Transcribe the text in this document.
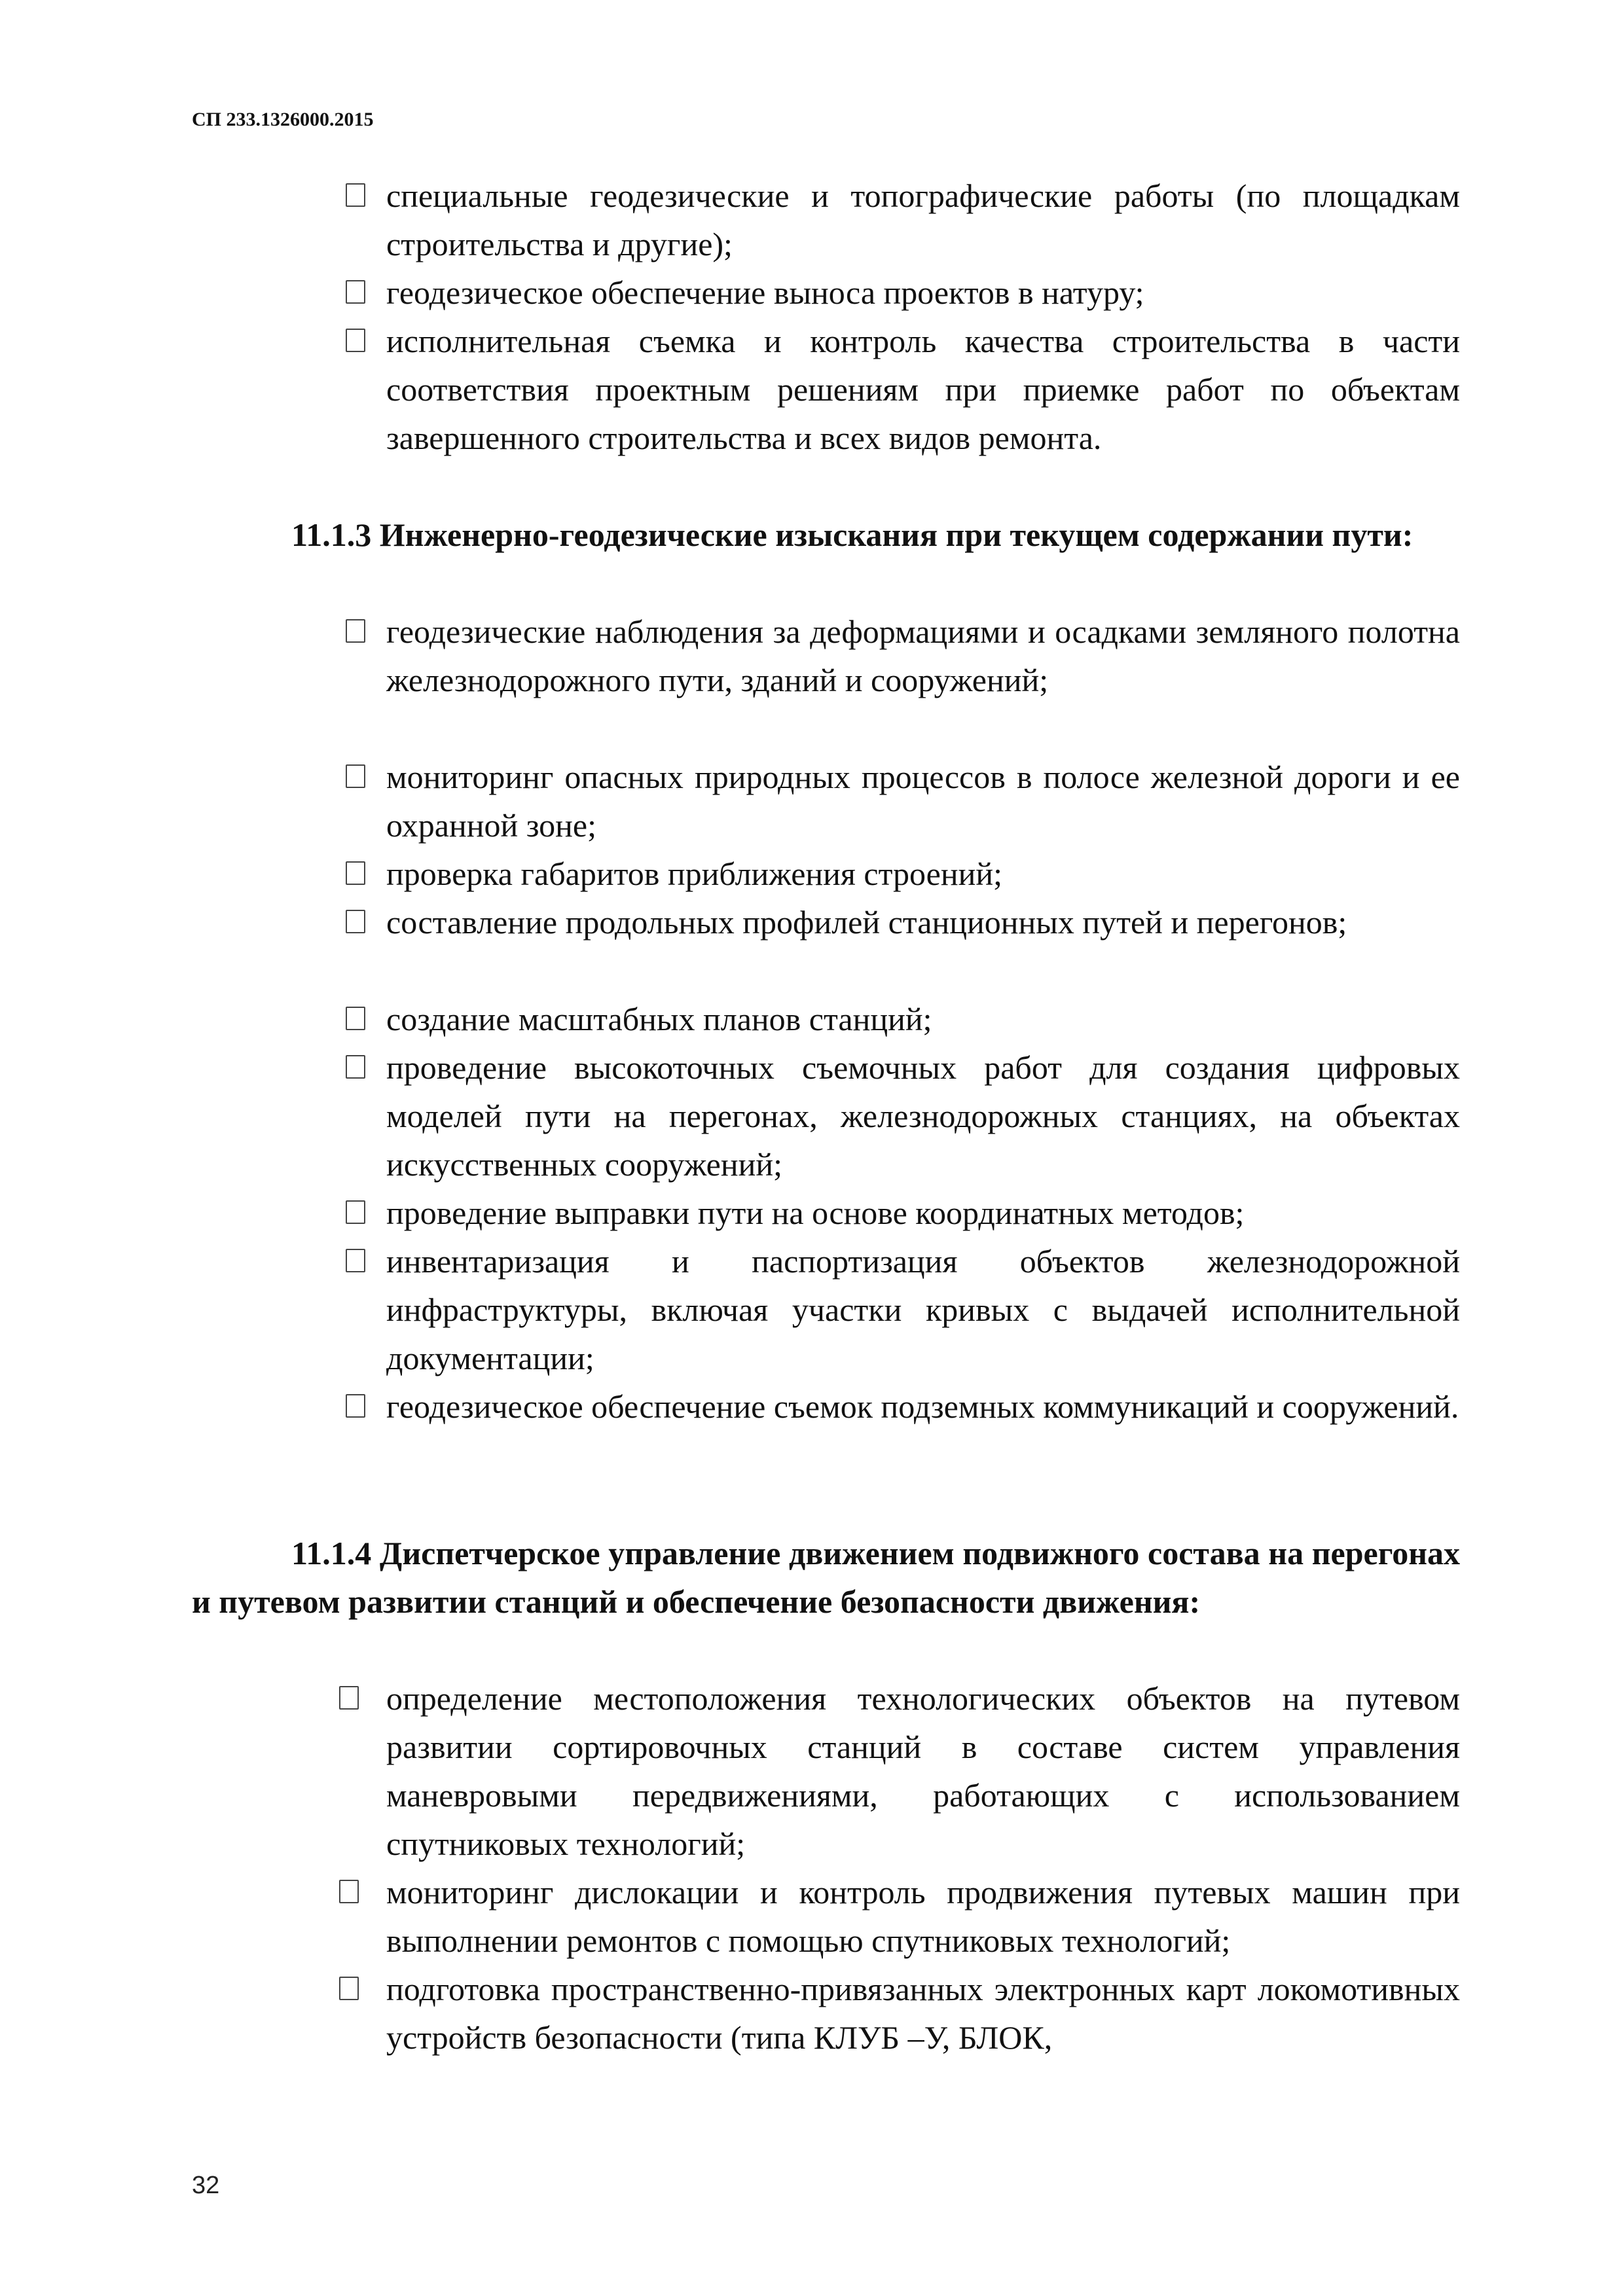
СП 233.1326000.2015
специальные геодезические и топографические работы (по площадкам строительства и другие);
геодезическое обеспечение выноса проектов в натуру;
исполнительная съемка и контроль качества строительства в части соответствия проектным решениям при приемке работ по объектам завершенного строительства и всех видов ремонта.
11.1.3 Инженерно-геодезические изыскания при текущем содержании пути:
геодезические наблюдения за деформациями и осадками земляного полотна железнодорожного пути, зданий и сооружений;
мониторинг опасных природных процессов в полосе железной дороги и ее охранной зоне;
проверка габаритов приближения строений;
составление продольных профилей станционных путей и перегонов;
создание масштабных планов станций;
проведение высокоточных съемочных работ для создания цифровых моделей пути на перегонах, железнодорожных станциях, на объектах искусственных сооружений;
проведение выправки пути на основе координатных методов;
инвентаризация и паспортизация объектов железнодорожной инфраструктуры, включая участки кривых с выдачей исполнительной документации;
геодезическое обеспечение съемок подземных коммуникаций и сооружений.
11.1.4 Диспетчерское управление движением подвижного состава на перегонах и путевом развитии станций и обеспечение безопасности движения:
определение местоположения технологических объектов на путевом развитии сортировочных станций в составе систем управления маневровыми передвижениями, работающих с использованием спутниковых технологий;
мониторинг дислокации и контроль продвижения путевых машин при выполнении ремонтов с помощью спутниковых технологий;
подготовка пространственно-привязанных электронных карт локомотивных устройств безопасности (типа КЛУБ –У, БЛОК,
32
